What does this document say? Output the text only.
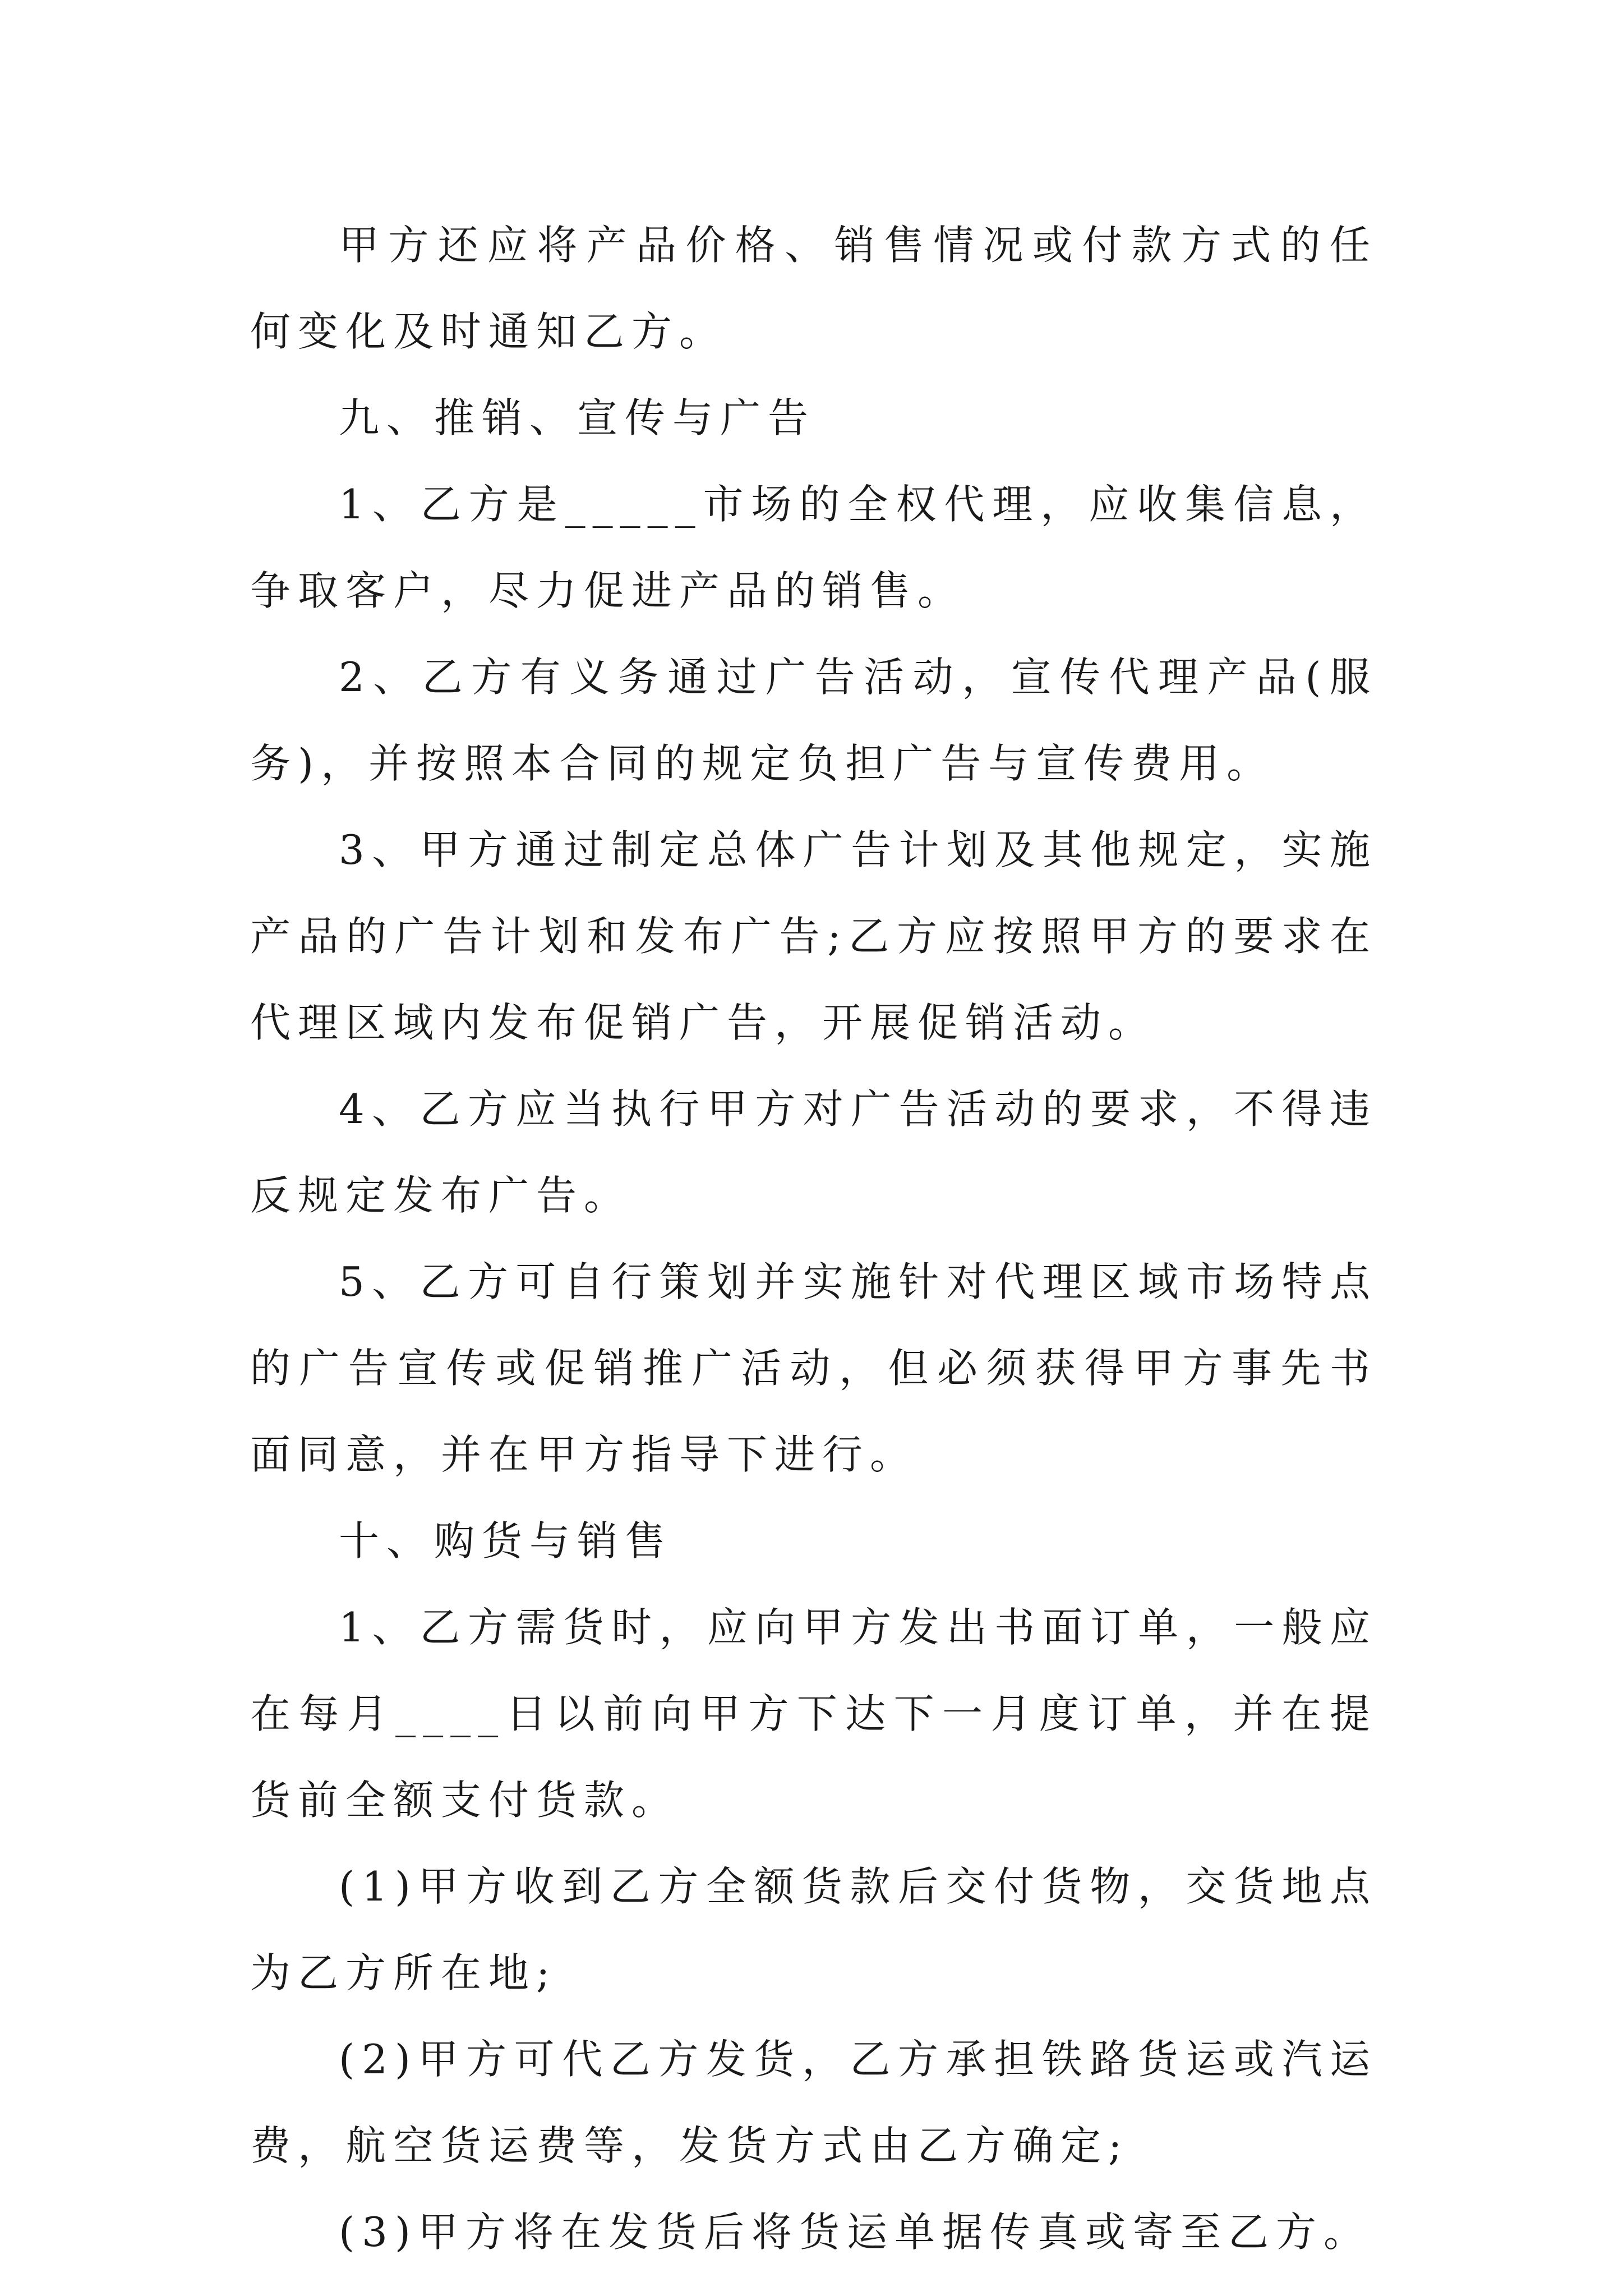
甲方还应将产品价格、销售情况或付款方式的任何变化及时通知乙方。

九、推销、宣传与广告

1、乙方是_____市场的全权代理，应收集信息，争取客户，尽力促进产品的销售。

2、乙方有义务通过广告活动，宣传代理产品(服务)，并按照本合同的规定负担广告与宣传费用。

3、甲方通过制定总体广告计划及其他规定，实施产品的广告计划和发布广告;乙方应按照甲方的要求在代理区域内发布促销广告，开展促销活动。

4、乙方应当执行甲方对广告活动的要求，不得违反规定发布广告。

5、乙方可自行策划并实施针对代理区域市场特点的广告宣传或促销推广活动，但必须获得甲方事先书面同意，并在甲方指导下进行。

十、购货与销售

1、乙方需货时，应向甲方发出书面订单，一般应在每月____日以前向甲方下达下一月度订单，并在提货前全额支付货款。

(1)甲方收到乙方全额货款后交付货物，交货地点为乙方所在地;

(2)甲方可代乙方发货，乙方承担铁路货运或汽运费，航空货运费等，发货方式由乙方确定;

(3)甲方将在发货后将货运单据传真或寄至乙方。
